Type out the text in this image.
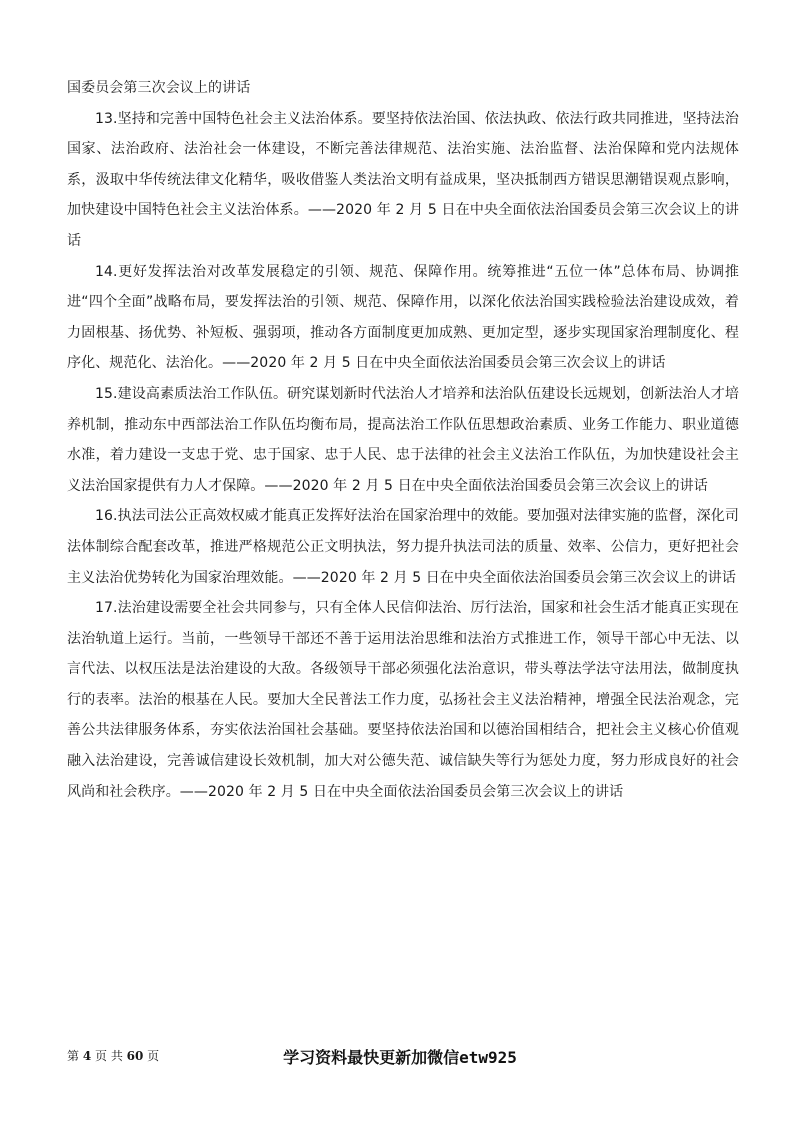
国委员会第三次会议上的讲话

13.坚持和完善中国特色社会主义法治体系。要坚持依法治国、依法执政、依法行政共同推进，坚持法治国家、法治政府、法治社会一体建设，不断完善法律规范、法治实施、法治监督、法治保障和党内法规体系，汲取中华传统法律文化精华，吸收借鉴人类法治文明有益成果，坚决抵制西方错误思潮错误观点影响，加快建设中国特色社会主义法治体系。——2020 年 2 月 5 日在中央全面依法治国委员会第三次会议上的讲话

14.更好发挥法治对改革发展稳定的引领、规范、保障作用。统筹推进“五位一体”总体布局、协调推进“四个全面”战略布局，要发挥法治的引领、规范、保障作用，以深化依法治国实践检验法治建设成效，着力固根基、扬优势、补短板、强弱项，推动各方面制度更加成熟、更加定型，逐步实现国家治理制度化、程序化、规范化、法治化。——2020 年 2 月 5 日在中央全面依法治国委员会第三次会议上的讲话

15.建设高素质法治工作队伍。研究谋划新时代法治人才培养和法治队伍建设长远规划，创新法治人才培养机制，推动东中西部法治工作队伍均衡布局，提高法治工作队伍思想政治素质、业务工作能力、职业道德水准，着力建设一支忠于党、忠于国家、忠于人民、忠于法律的社会主义法治工作队伍，为加快建设社会主义法治国家提供有力人才保障。——2020 年 2 月 5 日在中央全面依法治国委员会第三次会议上的讲话

16.执法司法公正高效权威才能真正发挥好法治在国家治理中的效能。要加强对法律实施的监督，深化司法体制综合配套改革，推进严格规范公正文明执法，努力提升执法司法的质量、效率、公信力，更好把社会主义法治优势转化为国家治理效能。——2020 年 2 月 5 日在中央全面依法治国委员会第三次会议上的讲话

17.法治建设需要全社会共同参与，只有全体人民信仰法治、厉行法治，国家和社会生活才能真正实现在法治轨道上运行。当前，一些领导干部还不善于运用法治思维和法治方式推进工作，领导干部心中无法、以言代法、以权压法是法治建设的大敌。各级领导干部必须强化法治意识，带头尊法学法守法用法，做制度执行的表率。法治的根基在人民。要加大全民普法工作力度，弘扬社会主义法治精神，增强全民法治观念，完善公共法律服务体系，夯实依法治国社会基础。要坚持依法治国和以德治国相结合，把社会主义核心价值观融入法治建设，完善诚信建设长效机制，加大对公德失范、诚信缺失等行为惩处力度，努力形成良好的社会风尚和社会秩序。——2020 年 2 月 5 日在中央全面依法治国委员会第三次会议上的讲话

第 4 页 共 60 页	学习资料最快更新加微信etw925
